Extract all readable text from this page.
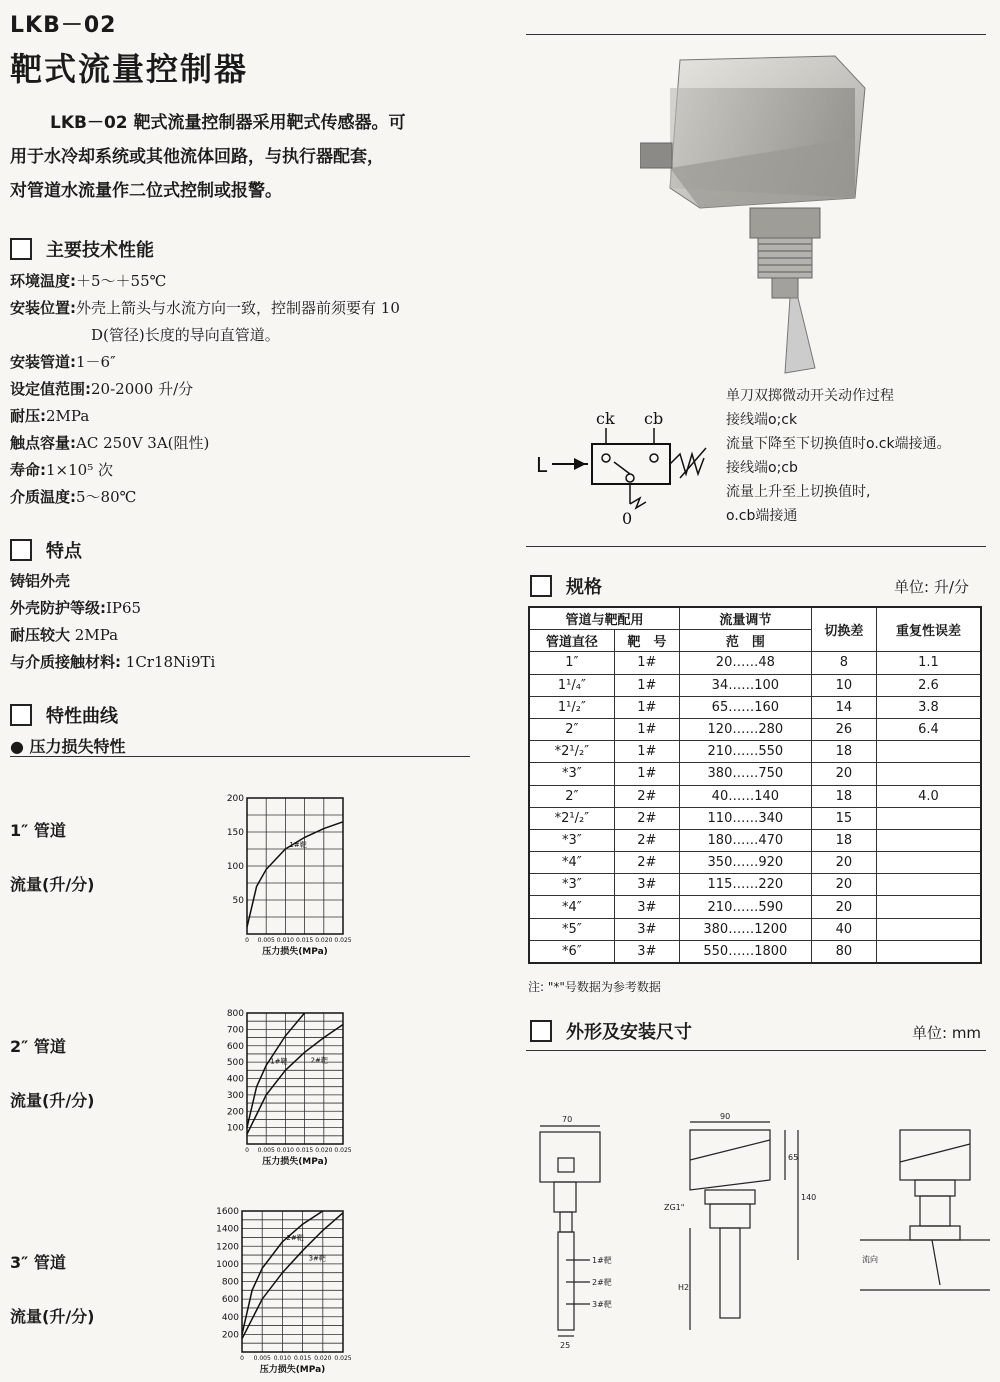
LKB－02
靶式流量控制器
LKB－02 靶式流量控制器采用靶式传感器。可
用于水冷却系统或其他流体回路，与执行器配套，
对管道水流量作二位式控制或报警。
主要技术性能
环境温度:＋5～＋55℃
安装位置:外壳上箭头与水流方向一致，控制器前须要有 10
D(管径)长度的导向直管道。
安装管道:1－6″
设定值范围:20-2000 升/分
耐压:2MPa
触点容量:AC 250V 3A(阻性)
寿命:1×10⁵ 次
介质温度:5～80℃
特点
铸铝外壳
外壳防护等级:IP65
耐压较大 2MPa
与介质接触材料: 1Cr18Ni9Ti
特性曲线
● 压力损失特性
1″ 管道
流量(升/分)
0 0.005 0.010 0.015 0.020 0.025
50
100
150
200
压力损失(MPa)
1#靶
2″ 管道
流量(升/分)
0 0.005 0.010 0.015 0.020 0.025
100
200
300
400
500
600
700
800
压力损失(MPa)
1#靶	2#靶
3″ 管道
流量(升/分)
0 0.005 0.010 0.015 0.020 0.025
200
400
600
800
1000
1200
1400
1600
压力损失(MPa)
2#靶
3#靶
L
ck cb
0
单刀双掷微动开关动作过程
接线端o;ck
流量下降至下切换值时o.ck端接通。
接线端o;cb
流量上升至上切换值时,
o.cb端接通
规格	单位: 升/分
管道与靶配用		流量调节	切换差	重复性误差
管道直径	靶　号	范　围		
1″	1#	20……48	8	1.1
1¹/₄″	1#	34……100	10	2.6
1¹/₂″	1#	65……160	14	3.8
2″	1#	120……280	26	6.4
*2¹/₂″	1#	210……550	18	
*3″	1#	380……750	20	
2″	2#	40……140	18	4.0
*2¹/₂″	2#	110……340	15	
*3″	2#	180……470	18	
*4″	2#	350……920	20	
*3″	3#	115……220	20	
*4″	3#	210……590	20	
*5″	3#	380……1200	40	
*6″	3#	550……1800	80	
注: "*"号数据为参考数据
外形及安装尺寸	单位: mm
70
1#靶
2#靶
3#靶
25
90
65
140
ZG1"
H2
流向
